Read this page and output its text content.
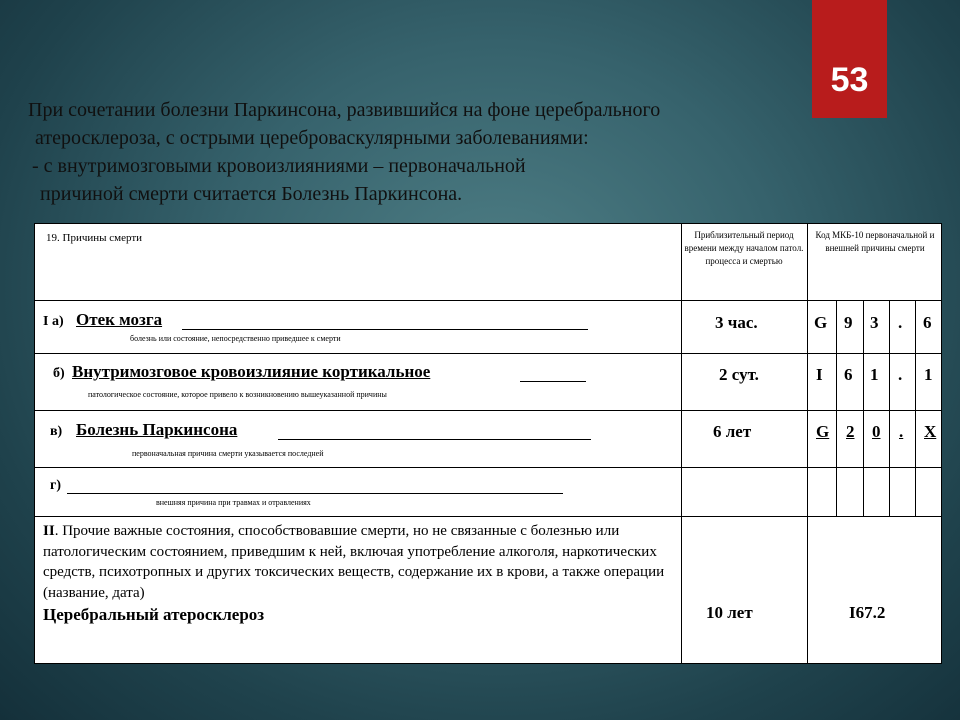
53
При сочетании болезни Паркинсона, развившийся на фоне церебрального
атеросклероза, с острыми цереброваскулярными заболеваниями:
- с внутримозговыми кровоизлияниями – первоначальной
причиной смерти считается Болезнь Паркинсона.
19. Причины смерти	Приблизительный период времени между началом патол. процесса и смертью
Код МКБ-10 первоначальной и внешней причины смерти
I а) Отек мозга
болезнь или состояние, непосредственно приведшее к смерти
3 час.	G 9 3 . 6
б) Внутримозговое кровоизлияние кортикальное
патологическое состояние, которое привело к возникновению вышеуказанной причины
2 сут.	I 6 1 . 1
в) Болезнь Паркинсона
первоначальная причина смерти указывается последней
6 лет	G 2 0 . X
г)
внешняя причина при травмах и отравлениях
II. Прочие важные состояния, способствовавшие смерти, но не связанные с болезнью или патологическим состоянием, приведшим к ней, включая употребление алкоголя, наркотических средств, психотропных и других токсических веществ, содержание их в крови, а также операции (название, дата)
Церебральный атеросклероз	10 лет	I67.2
